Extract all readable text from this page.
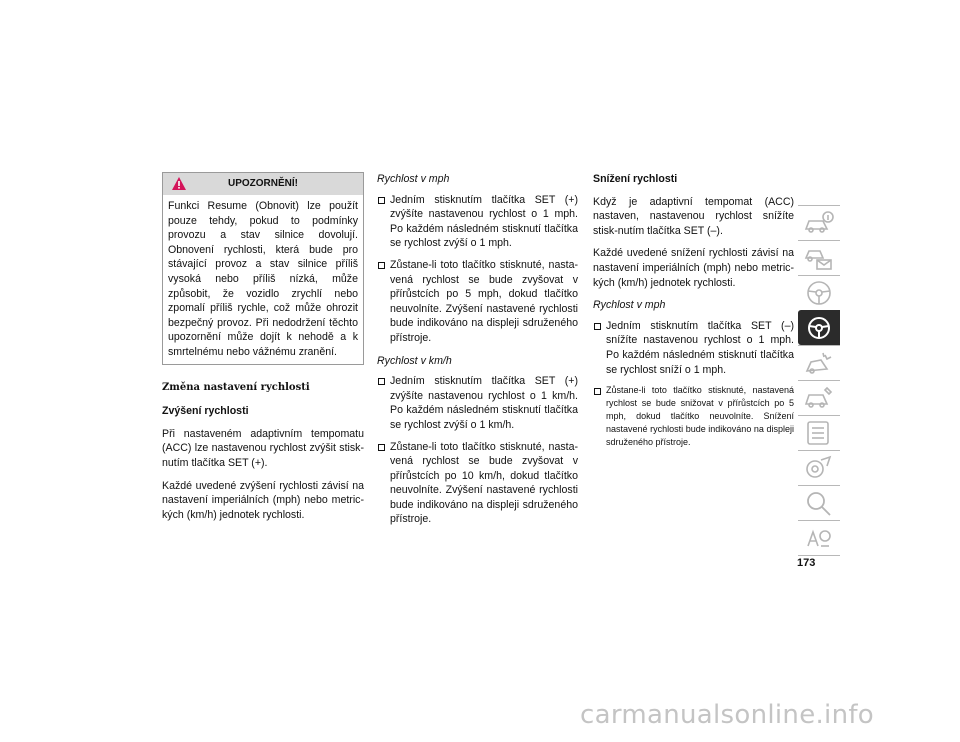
UPOZORNĚNÍ!

Funkci Resume (Obnovit) lze použít pouze tehdy, pokud to podmínky provozu a stav silnice dovolují. Obnovení rychlosti, která bude pro stávající provoz a stav silnice příliš vysoká nebo příliš nízká, může způsobit, že vozidlo zrychlí nebo zpomalí příliš rychle, což může ohrozit bezpečný provoz. Při nedodržení těchto upozornění může dojít k nehodě a k smrtelnému nebo vážnému zranění.

Změna nastavení rychlosti
Zvýšení rychlosti

Při nastaveném adaptivním tempomatu (ACC) lze nastavenou rychlost zvýšit stisk-nutím tlačítka SET (+).

Každé uvedené zvýšení rychlosti závisí na nastavení imperiálních (mph) nebo metric-kých (km/h) jednotek rychlosti.

Rychlost v mph
Jedním stisknutím tlačítka SET (+) zvýšíte nastavenou rychlost o 1 mph. Po každém následném stisknutí tlačítka se rychlost zvýší o 1 mph.
Zůstane-li toto tlačítko stisknuté, nasta-vená rychlost se bude zvyšovat v přírůstcích po 5 mph, dokud tlačítko neuvolníte. Zvýšení nastavené rychlosti bude indikováno na displeji sdruženého přístroje.
Rychlost v km/h
Jedním stisknutím tlačítka SET (+) zvýšíte nastavenou rychlost o 1 km/h. Po každém následném stisknutí tlačítka se rychlost zvýší o 1 km/h.
Zůstane-li toto tlačítko stisknuté, nasta-vená rychlost se bude zvyšovat v přírůstcích po 10 km/h, dokud tlačítko neuvolníte. Zvýšení nastavené rychlosti bude indikováno na displeji sdruženého přístroje.
Snížení rychlosti

Když je adaptivní tempomat (ACC) nastaven, nastavenou rychlost snížíte stisk-nutím tlačítka SET (–).

Každé uvedené snížení rychlosti závisí na nastavení imperiálních (mph) nebo metric-kých (km/h) jednotek rychlosti.

Rychlost v mph
Jedním stisknutím tlačítka SET (–) snížíte nastavenou rychlost o 1 mph. Po každém následném stisknutí tlačítka se rychlost sníží o 1 mph.
Zůstane-li toto tlačítko stisknuté, nastavená rychlost se bude snižovat v přírůstcích po 5 mph, dokud tlačítko neuvolníte. Snížení nastavené rychlosti bude indikováno na displeji sdruženého přístroje.
173
carmanualsonline.info
